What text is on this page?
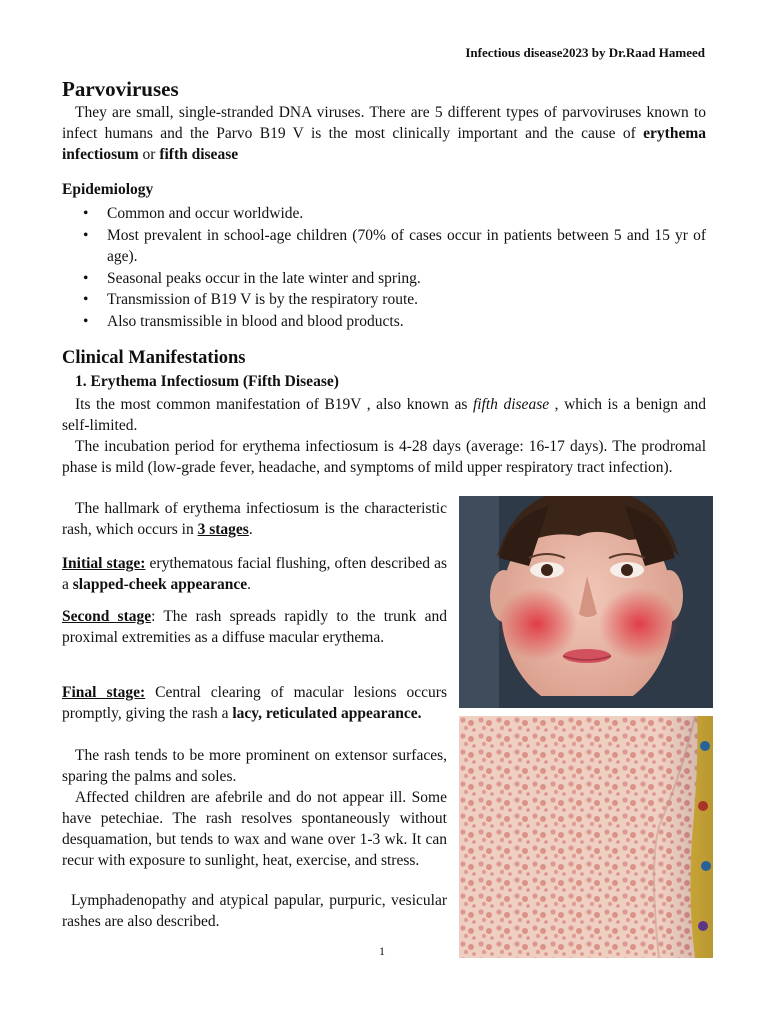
Infectious disease2023 by Dr.Raad Hameed
Parvoviruses

They are small, single-stranded DNA viruses. There are 5 different types of parvoviruses known to infect humans and the Parvo B19 V is the most clinically important and the cause of erythema infectiosum or fifth disease

Epidemiology
• Common and occur worldwide.
• Most prevalent in school-age children (70% of cases occur in patients between 5 and 15 yr of age).
• Seasonal peaks occur in the late winter and spring.
• Transmission of B19 V is by the respiratory route.
• Also transmissible in blood and blood products.
Clinical Manifestations
1. Erythema Infectiosum (Fifth Disease)

Its the most common manifestation of B19V , also known as fifth disease , which is a benign and self-limited.

The incubation period for erythema infectiosum is 4-28 days (average: 16-17 days). The prodromal phase is mild (low-grade fever, headache, and symptoms of mild upper respiratory tract infection).

The hallmark of erythema infectiosum is the characteristic rash, which occurs in 3 stages.

Initial stage: erythematous facial flushing, often described as a slapped-cheek appearance.

Second stage: The rash spreads rapidly to the trunk and proximal extremities as a diffuse macular erythema.

Final stage: Central clearing of macular lesions occurs promptly, giving the rash a lacy, reticulated appearance.

The rash tends to be more prominent on extensor surfaces, sparing the palms and soles.

Affected children are afebrile and do not appear ill. Some have petechiae. The rash resolves spontaneously without desquamation, but tends to wax and wane over 1-3 wk. It can recur with exposure to sunlight, heat, exercise, and stress.

Lymphadenopathy and atypical papular, purpuric, vesicular rashes are also described.

1
